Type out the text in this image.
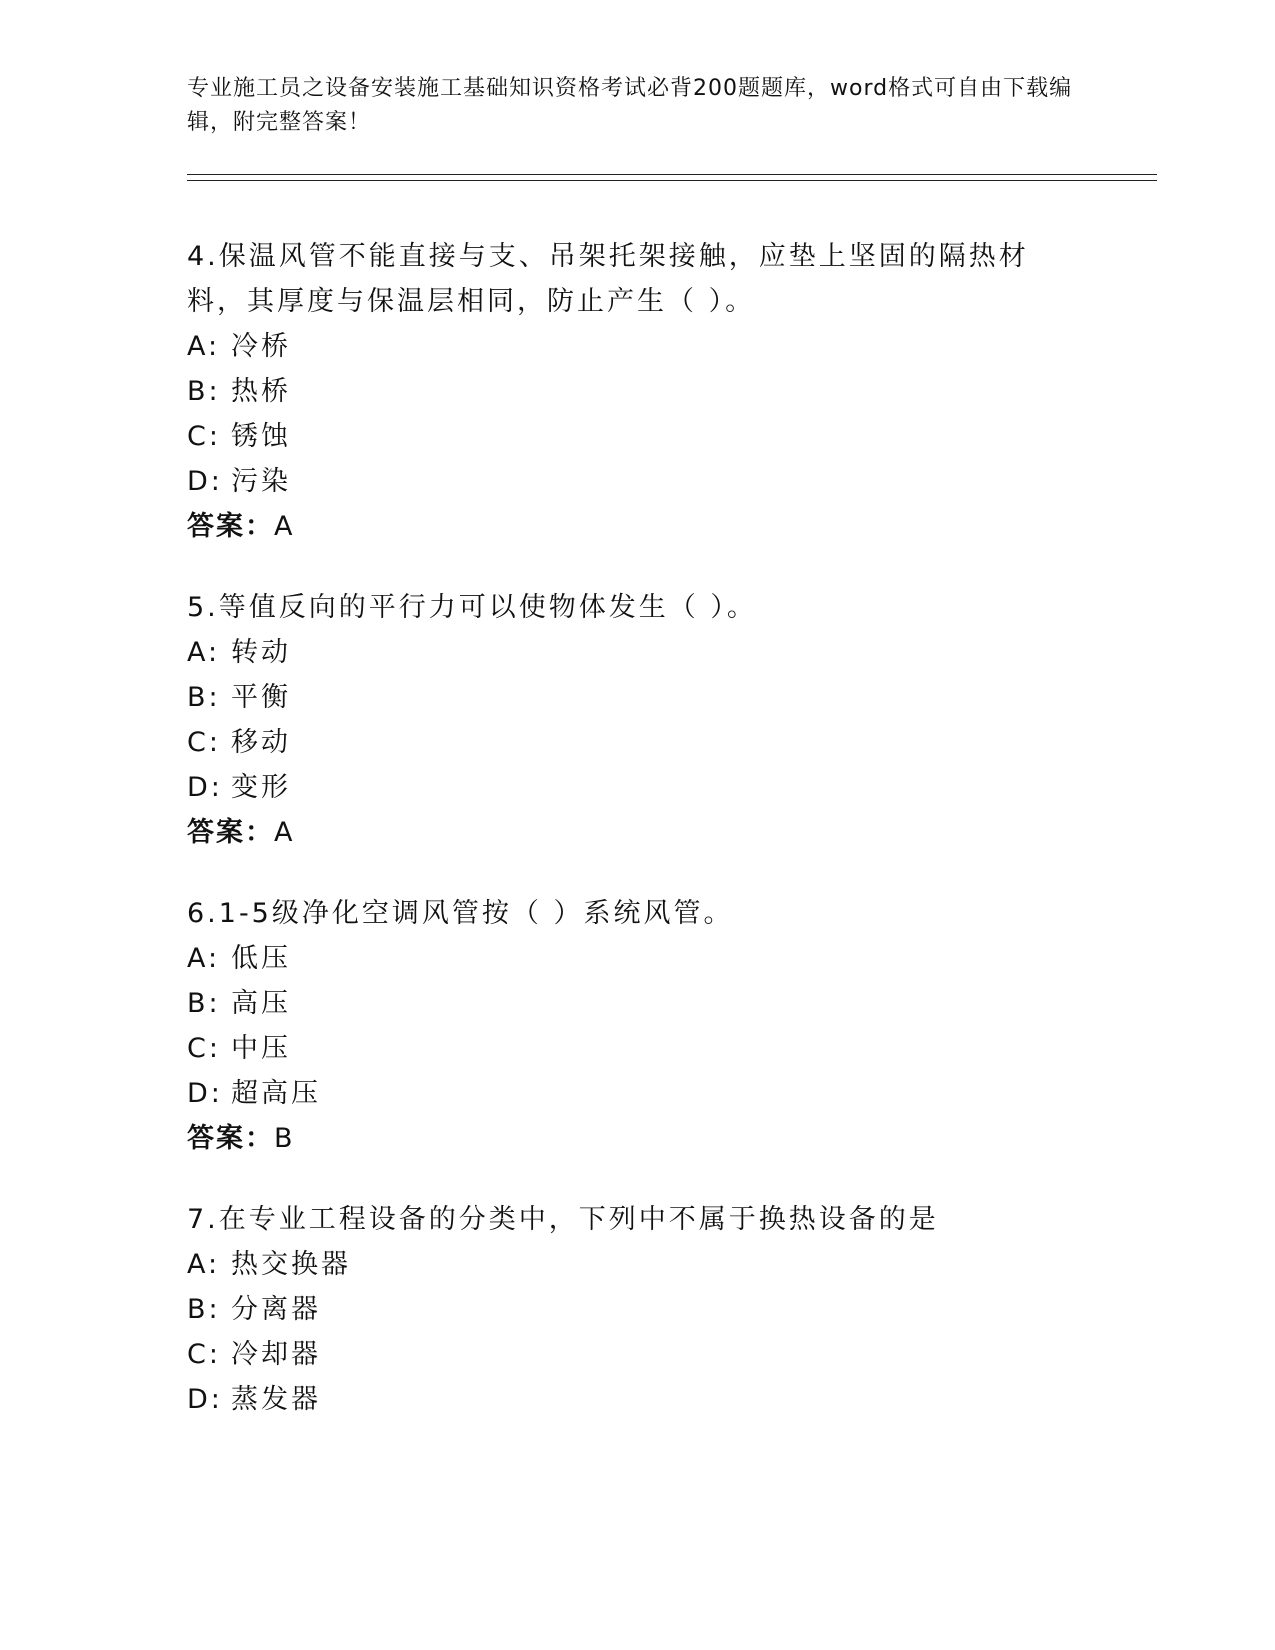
专业施工员之设备安装施工基础知识资格考试必背200题题库，word格式可自由下载编辑，附完整答案！
4.保温风管不能直接与支、吊架托架接触，应垫上坚固的隔热材料，其厚度与保温层相同，防止产生（ ）。
A: 冷桥
B: 热桥
C: 锈蚀
D: 污染
答案：A
5.等值反向的平行力可以使物体发生（ ）。
A: 转动
B: 平衡
C: 移动
D: 变形
答案：A
6.1-5级净化空调风管按（ ）系统风管。
A: 低压
B: 高压
C: 中压
D: 超高压
答案：B
7.在专业工程设备的分类中，下列中不属于换热设备的是
A: 热交换器
B: 分离器
C: 冷却器
D: 蒸发器
